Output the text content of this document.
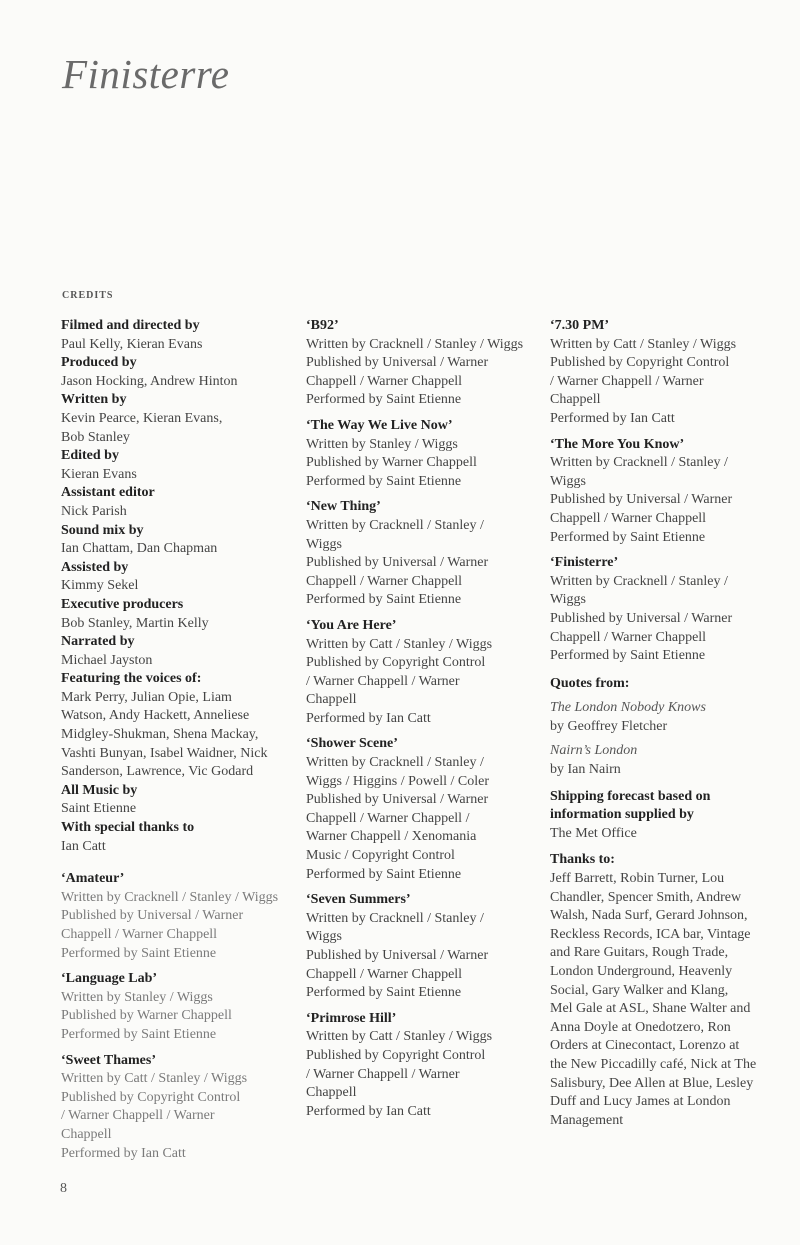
Finisterre
CREDITS
Filmed and directed by
Paul Kelly, Kieran Evans
Produced by
Jason Hocking, Andrew Hinton
Written by
Kevin Pearce, Kieran Evans,
Bob Stanley
Edited by
Kieran Evans
Assistant editor
Nick Parish
Sound mix by
Ian Chattam, Dan Chapman
Assisted by
Kimmy Sekel
Executive producers
Bob Stanley, Martin Kelly
Narrated by
Michael Jayston
Featuring the voices of:
Mark Perry, Julian Opie, Liam
Watson, Andy Hackett, Anneliese
Midgley-Shukman, Shena Mackay,
Vashti Bunyan, Isabel Waidner, Nick
Sanderson, Lawrence, Vic Godard
All Music by
Saint Etienne
With special thanks to
Ian Catt
‘Amateur’
Written by Cracknell / Stanley / Wiggs
Published by Universal / Warner
Chappell / Warner Chappell
Performed by Saint Etienne
‘Language Lab’
Written by Stanley / Wiggs
Published by Warner Chappell
Performed by Saint Etienne
‘Sweet Thames’
Written by Catt / Stanley / Wiggs
Published by Copyright Control
/ Warner Chappell / Warner
Chappell
Performed by Ian Catt
‘B92’
Written by Cracknell / Stanley / Wiggs
Published by Universal / Warner
Chappell / Warner Chappell
Performed by Saint Etienne
‘The Way We Live Now’
Written by Stanley / Wiggs
Published by Warner Chappell
Performed by Saint Etienne
‘New Thing’
Written by Cracknell / Stanley /
Wiggs
Published by Universal / Warner
Chappell / Warner Chappell
Performed by Saint Etienne
‘You Are Here’
Written by Catt / Stanley / Wiggs
Published by Copyright Control
/ Warner Chappell / Warner
Chappell
Performed by Ian Catt
‘Shower Scene’
Written by Cracknell / Stanley /
Wiggs / Higgins / Powell / Coler
Published by Universal / Warner
Chappell / Warner Chappell /
Warner Chappell / Xenomania
Music / Copyright Control
Performed by Saint Etienne
‘Seven Summers’
Written by Cracknell / Stanley /
Wiggs
Published by Universal / Warner
Chappell / Warner Chappell
Performed by Saint Etienne
‘Primrose Hill’
Written by Catt / Stanley / Wiggs
Published by Copyright Control
/ Warner Chappell / Warner
Chappell
Performed by Ian Catt
‘7.30 PM’
Written by Catt / Stanley / Wiggs
Published by Copyright Control
/ Warner Chappell / Warner
Chappell
Performed by Ian Catt
‘The More You Know’
Written by Cracknell / Stanley /
Wiggs
Published by Universal / Warner
Chappell / Warner Chappell
Performed by Saint Etienne
‘Finisterre’
Written by Cracknell / Stanley /
Wiggs
Published by Universal / Warner
Chappell / Warner Chappell
Performed by Saint Etienne
Quotes from:
The London Nobody Knows
by Geoffrey Fletcher
Nairn’s London
by Ian Nairn
Shipping forecast based on
information supplied by
The Met Office
Thanks to:
Jeff Barrett, Robin Turner, Lou
Chandler, Spencer Smith, Andrew
Walsh, Nada Surf, Gerard Johnson,
Reckless Records, ICA bar, Vintage
and Rare Guitars, Rough Trade,
London Underground, Heavenly
Social, Gary Walker and Klang,
Mel Gale at ASL, Shane Walter and
Anna Doyle at Onedotzero, Ron
Orders at Cinecontact, Lorenzo at
the New Piccadilly café, Nick at The
Salisbury, Dee Allen at Blue, Lesley
Duff and Lucy James at London
Management
8
